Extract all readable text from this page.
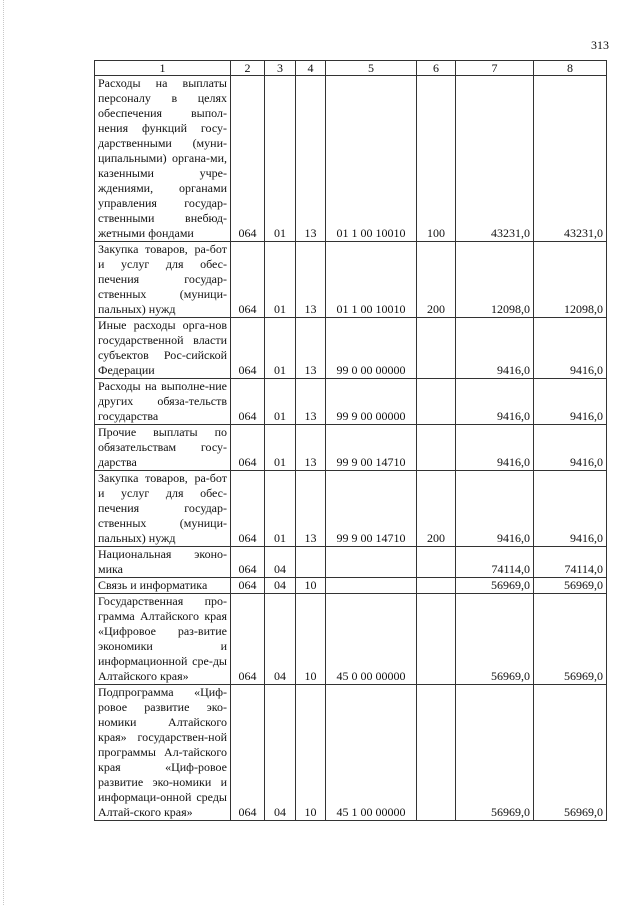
313
1	2	3	4	5	6	7	8
Расходы на выплаты персоналу в целях обеспечения выпол-нения функций госу-дарственными (муни-ципальными) органа-ми, казенными учре-ждениями, органами управления государ-ственными внебюд-жетными фондами	064	01	13	01 1 00 10010	100	43231,0	43231,0
Закупка товаров, ра-бот и услуг для обес-печения государ-ственных (муници-пальных) нужд	064	01	13	01 1 00 10010	200	12098,0	12098,0
Иные расходы орга-нов государственной власти субъектов Рос-сийской Федерации	064	01	13	99 0 00 00000		9416,0	9416,0
Расходы на выполне-ние других обяза-тельств государства	064	01	13	99 9 00 00000		9416,0	9416,0
Прочие выплаты по обязательствам госу-дарства	064	01	13	99 9 00 14710		9416,0	9416,0
Закупка товаров, ра-бот и услуг для обес-печения государ-ственных (муници-пальных) нужд	064	01	13	99 9 00 14710	200	9416,0	9416,0
Национальная эконо-мика	064	04				74114,0	74114,0
Связь и информатика	064	04	10			56969,0	56969,0
Государственная про-грамма Алтайского края «Цифровое раз-витие экономики и информационной сре-ды Алтайского края»	064	04	10	45 0 00 00000		56969,0	56969,0
Подпрограмма «Циф-ровое развитие эко-номики Алтайского края» государствен-ной программы Ал-тайского края «Циф-ровое развитие эко-номики и информаци-онной среды Алтай-ского края»	064	04	10	45 1 00 00000		56969,0	56969,0
